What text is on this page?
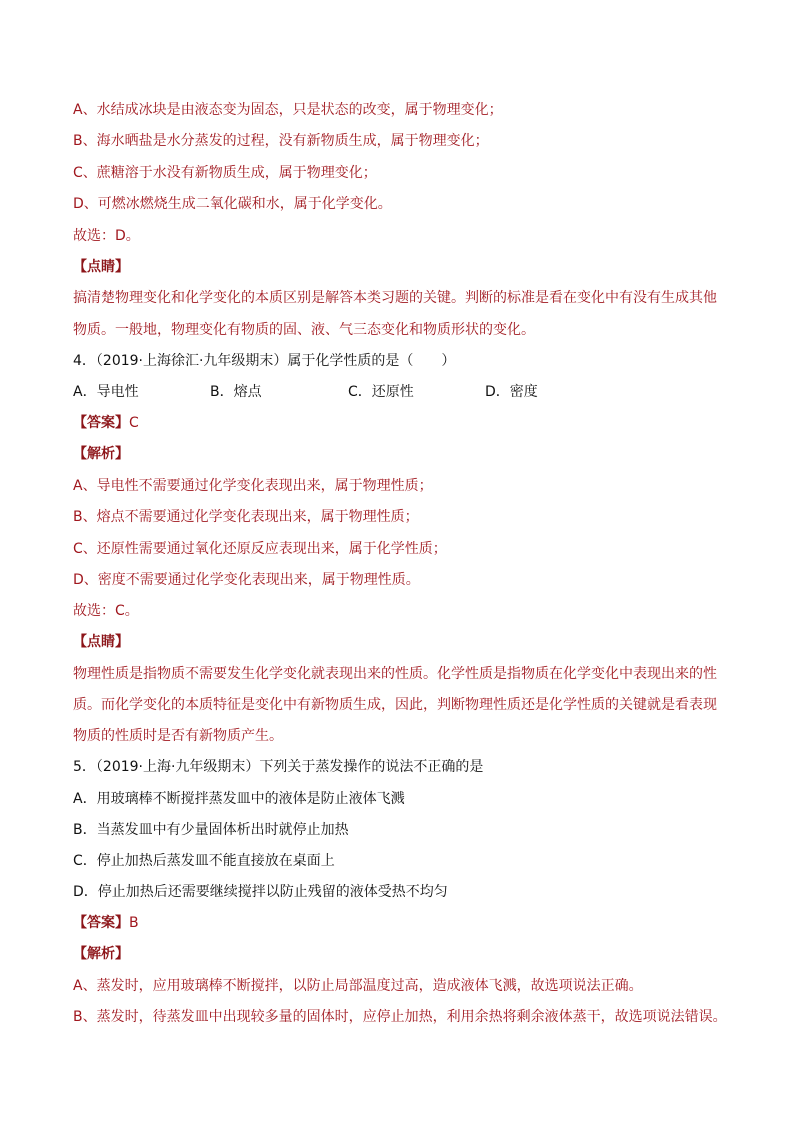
A、水结成冰块是由液态变为固态，只是状态的改变，属于物理变化；
B、海水晒盐是水分蒸发的过程，没有新物质生成，属于物理变化；
C、蔗糖溶于水没有新物质生成，属于物理变化；
D、可燃冰燃烧生成二氧化碳和水，属于化学变化。
故选：D。
【点睛】
搞清楚物理变化和化学变化的本质区别是解答本类习题的关键。判断的标准是看在变化中有没有生成其他
物质。一般地，物理变化有物质的固、液、气三态变化和物质形状的变化。
4．（2019·上海徐汇·九年级期末）属于化学性质的是（　　）
A．导电性	B．熔点	C．还原性	D．密度
【答案】C
【解析】
A、导电性不需要通过化学变化表现出来，属于物理性质；
B、熔点不需要通过化学变化表现出来，属于物理性质；
C、还原性需要通过氧化还原反应表现出来，属于化学性质；
D、密度不需要通过化学变化表现出来，属于物理性质。
故选：C。
【点睛】
物理性质是指物质不需要发生化学变化就表现出来的性质。化学性质是指物质在化学变化中表现出来的性
质。而化学变化的本质特征是变化中有新物质生成，因此，判断物理性质还是化学性质的关键就是看表现
物质的性质时是否有新物质产生。
5．（2019·上海·九年级期末）下列关于蒸发操作的说法不正确的是
A．用玻璃棒不断搅拌蒸发皿中的液体是防止液体飞溅
B．当蒸发皿中有少量固体析出时就停止加热
C．停止加热后蒸发皿不能直接放在桌面上
D．停止加热后还需要继续搅拌以防止残留的液体受热不均匀
【答案】B
【解析】
A、蒸发时，应用玻璃棒不断搅拌，以防止局部温度过高，造成液体飞溅，故选项说法正确。
B、蒸发时，待蒸发皿中出现较多量的固体时，应停止加热，利用余热将剩余液体蒸干，故选项说法错误。
